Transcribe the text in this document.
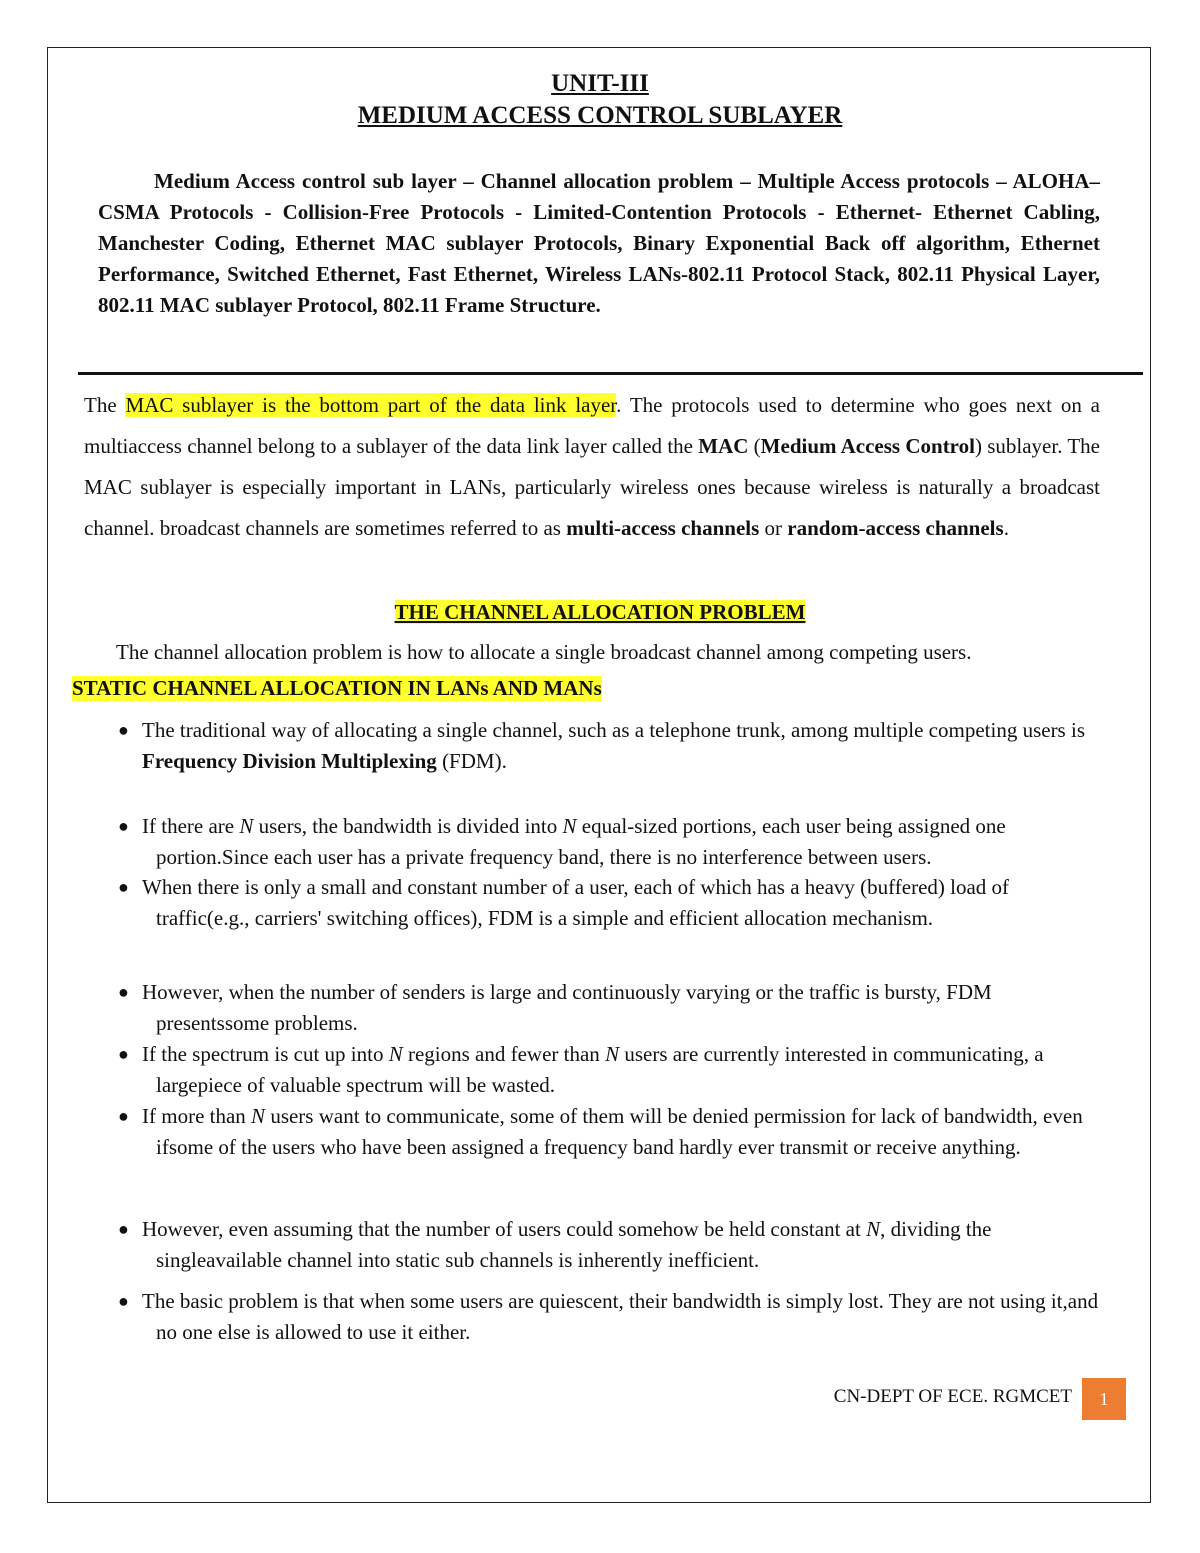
UNIT-III
MEDIUM ACCESS CONTROL SUBLAYER

Medium Access control sub layer – Channel allocation problem – Multiple Access protocols – ALOHA– CSMA Protocols - Collision-Free Protocols - Limited-Contention Protocols - Ethernet- Ethernet Cabling, Manchester Coding, Ethernet MAC sublayer Protocols, Binary Exponential Back off algorithm, Ethernet Performance, Switched Ethernet, Fast Ethernet, Wireless LANs-802.11 Protocol Stack, 802.11 Physical Layer, 802.11 MAC sublayer Protocol, 802.11 Frame Structure.

The MAC sublayer is the bottom part of the data link layer. The protocols used to determine who goes next on a multiaccess channel belong to a sublayer of the data link layer called the MAC (Medium Access Control) sublayer. The MAC sublayer is especially important in LANs, particularly wireless ones because wireless is naturally a broadcast channel. broadcast channels are sometimes referred to as multi-access channels or random-access channels.

THE CHANNEL ALLOCATION PROBLEM

The channel allocation problem is how to allocate a single broadcast channel among competing users.

STATIC CHANNEL ALLOCATION IN LANs AND MANs

● The traditional way of allocating a single channel, such as a telephone trunk, among multiple competing users is
Frequency Division Multiplexing (FDM).
● If there are N users, the bandwidth is divided into N equal-sized portions, each user being assigned one portion.Since each user has a private frequency band, there is no interference between users.
● When there is only a small and constant number of a user, each of which has a heavy (buffered) load of traffic(e.g., carriers' switching offices), FDM is a simple and efficient allocation mechanism.
● However, when the number of senders is large and continuously varying or the traffic is bursty, FDM presentssome problems.
● If the spectrum is cut up into N regions and fewer than N users are currently interested in communicating, a largepiece of valuable spectrum will be wasted.
● If more than N users want to communicate, some of them will be denied permission for lack of bandwidth, even ifsome of the users who have been assigned a frequency band hardly ever transmit or receive anything.
● However, even assuming that the number of users could somehow be held constant at N, dividing the singleavailable channel into static sub channels is inherently inefficient.
● The basic problem is that when some users are quiescent, their bandwidth is simply lost. They are not using it,and no one else is allowed to use it either.
CN-DEPT OF ECE. RGMCET	1
